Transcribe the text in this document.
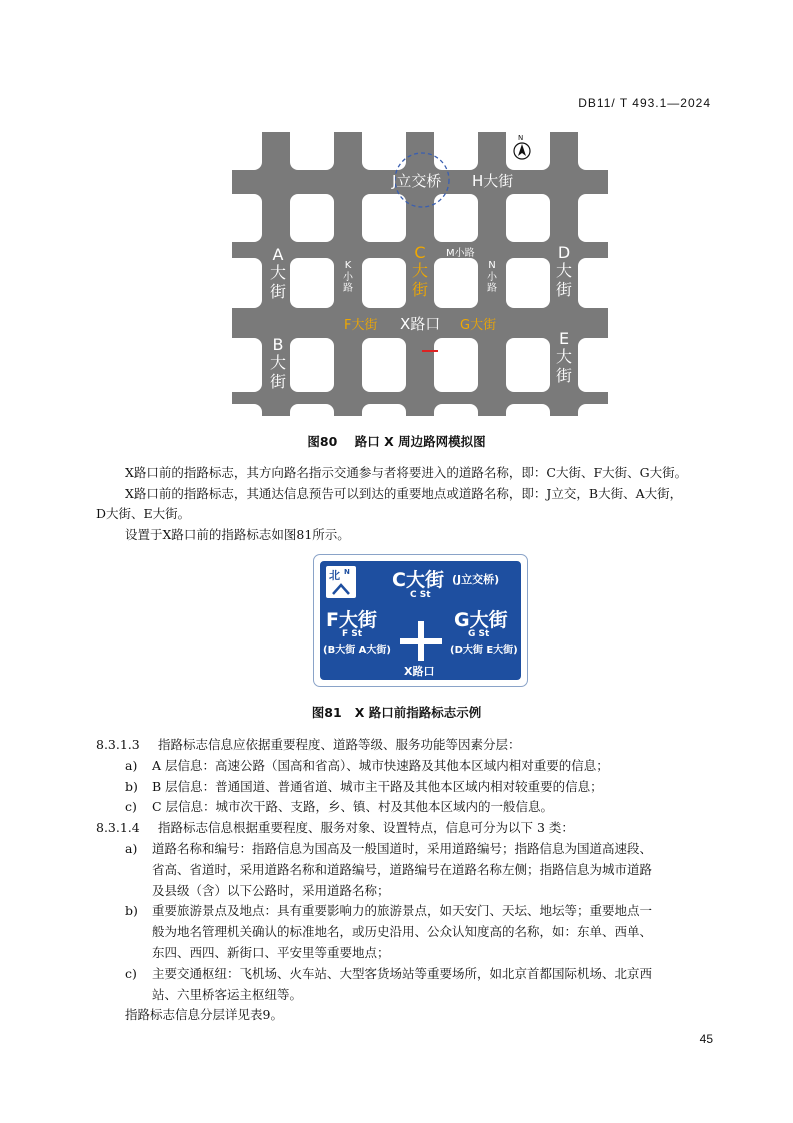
DB11/ T 493.1—2024
N
J立交桥 H大街
A
大
街
B
大
街
K
小
路
C
大
街
M小路
N
小
路
D
大
街
E
大
街
F大街 X路口 G大街
图80 路口 X 周边路网模拟图
X路口前的指路标志，其方向路名指示交通参与者将要进入的道路名称，即：C大街、F大街、G大街。
X路口前的指路标志，其通达信息预告可以到达的重要地点或道路名称，即：J立交，B大街、A大街，
D大街、E大街。
设置于X路口前的指路标志如图81所示。
北 N C大街 (J立交桥)
C St
F大街
F St
(B大街 A大街)
G大街
G St
(D大街 E大街)
X路口
图81 X 路口前指路标志示例
8.3.1.3 指路标志信息应依据重要程度、道路等级、服务功能等因素分层：
a) A 层信息：高速公路（国高和省高）、城市快速路及其他本区域内相对重要的信息；
b) B 层信息：普通国道、普通省道、城市主干路及其他本区域内相对较重要的信息；
c) C 层信息：城市次干路、支路，乡、镇、村及其他本区域内的一般信息。
8.3.1.4 指路标志信息根据重要程度、服务对象、设置特点，信息可分为以下 3 类：
a) 道路名称和编号：指路信息为国高及一般国道时，采用道路编号；指路信息为国道高速段、
省高、省道时，采用道路名称和道路编号，道路编号在道路名称左侧；指路信息为城市道路
及县级（含）以下公路时，采用道路名称；
b) 重要旅游景点及地点：具有重要影响力的旅游景点，如天安门、天坛、地坛等；重要地点一
般为地名管理机关确认的标准地名，或历史沿用、公众认知度高的名称，如：东单、西单、
东四、西四、新街口、平安里等重要地点；
c) 主要交通枢纽：飞机场、火车站、大型客货场站等重要场所，如北京首都国际机场、北京西
站、六里桥客运主枢纽等。
指路标志信息分层详见表9。
45
